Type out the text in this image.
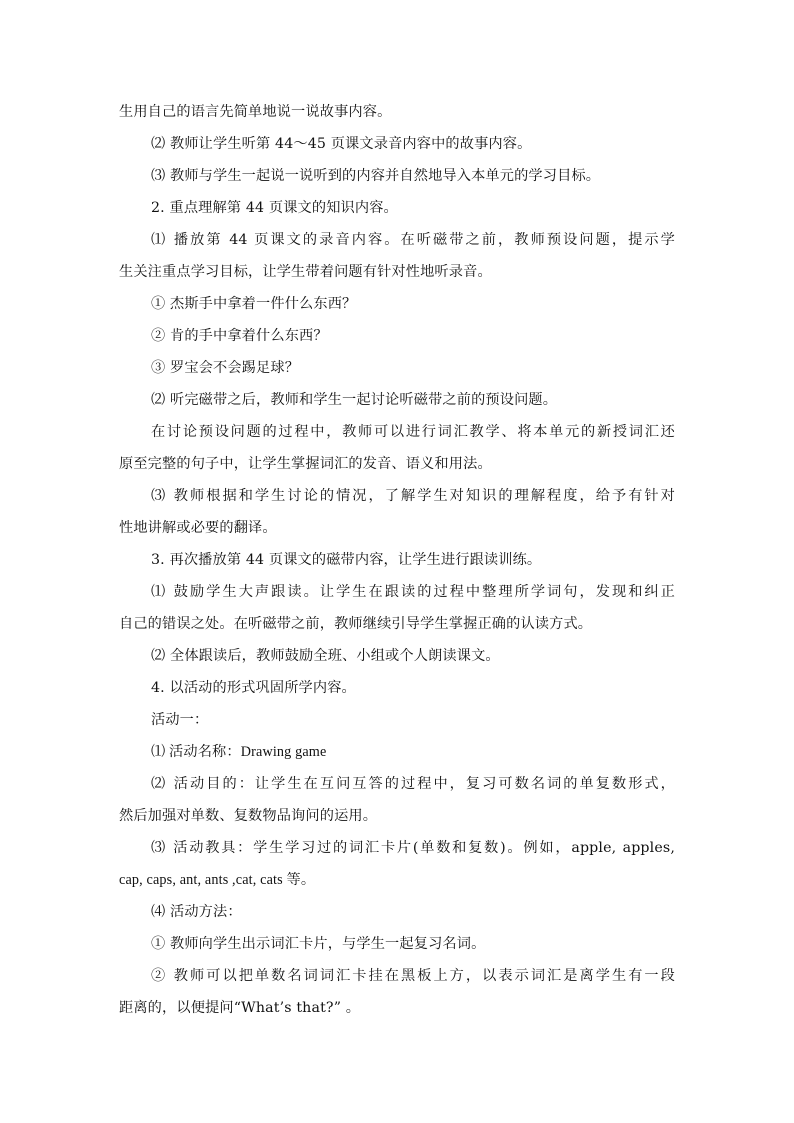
生用自己的语言先简单地说一说故事内容。
⑵ 教师让学生听第 44～45 页课文录音内容中的故事内容。
⑶ 教师与学生一起说一说听到的内容并自然地导入本单元的学习目标。
2. 重点理解第 44 页课文的知识内容。
⑴ 播放第 44 页课文的录音内容。在听磁带之前，教师预设问题，提示学
生关注重点学习目标，让学生带着问题有针对性地听录音。
① 杰斯手中拿着一件什么东西？
② 肯的手中拿着什么东西？
③ 罗宝会不会踢足球？
⑵ 听完磁带之后，教师和学生一起讨论听磁带之前的预设问题。
在讨论预设问题的过程中，教师可以进行词汇教学、将本单元的新授词汇还
原至完整的句子中，让学生掌握词汇的发音、语义和用法。
⑶ 教师根据和学生讨论的情况，了解学生对知识的理解程度，给予有针对
性地讲解或必要的翻译。
3. 再次播放第 44 页课文的磁带内容，让学生进行跟读训练。
⑴ 鼓励学生大声跟读。让学生在跟读的过程中整理所学词句，发现和纠正
自己的错误之处。在听磁带之前，教师继续引导学生掌握正确的认读方式。
⑵ 全体跟读后，教师鼓励全班、小组或个人朗读课文。
4. 以活动的形式巩固所学内容。
活动一：
⑴ 活动名称：Drawing game
⑵ 活动目的：让学生在互问互答的过程中，复习可数名词的单复数形式，
然后加强对单数、复数物品询问的运用。
⑶ 活动教具：学生学习过的词汇卡片(单数和复数)。例如，apple, apples,
cap, caps, ant, ants ,cat, cats 等。
⑷ 活动方法：
① 教师向学生出示词汇卡片，与学生一起复习名词。
② 教师可以把单数名词词汇卡挂在黑板上方，以表示词汇是离学生有一段
距离的，以便提问“What’s that?” 。
